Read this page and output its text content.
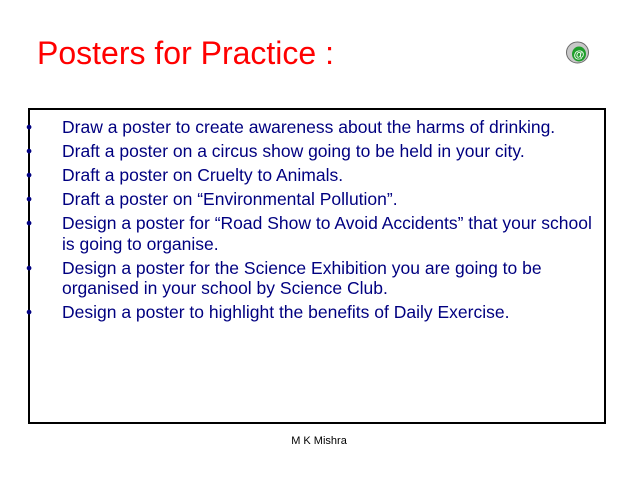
Posters for Practice :	@
• Draw a poster to create awareness about the harms of drinking.
• Draft a poster on a circus show going to be held in your city.
• Draft a poster on Cruelty to Animals.
• Draft a poster on “Environmental Pollution”.
• Design a poster for “Road Show to Avoid Accidents” that your school is going to organise.
• Design a poster for the Science Exhibition you are going to be organised in your school by Science Club.
• Design a poster to highlight the benefits of Daily Exercise.
M K Mishra
